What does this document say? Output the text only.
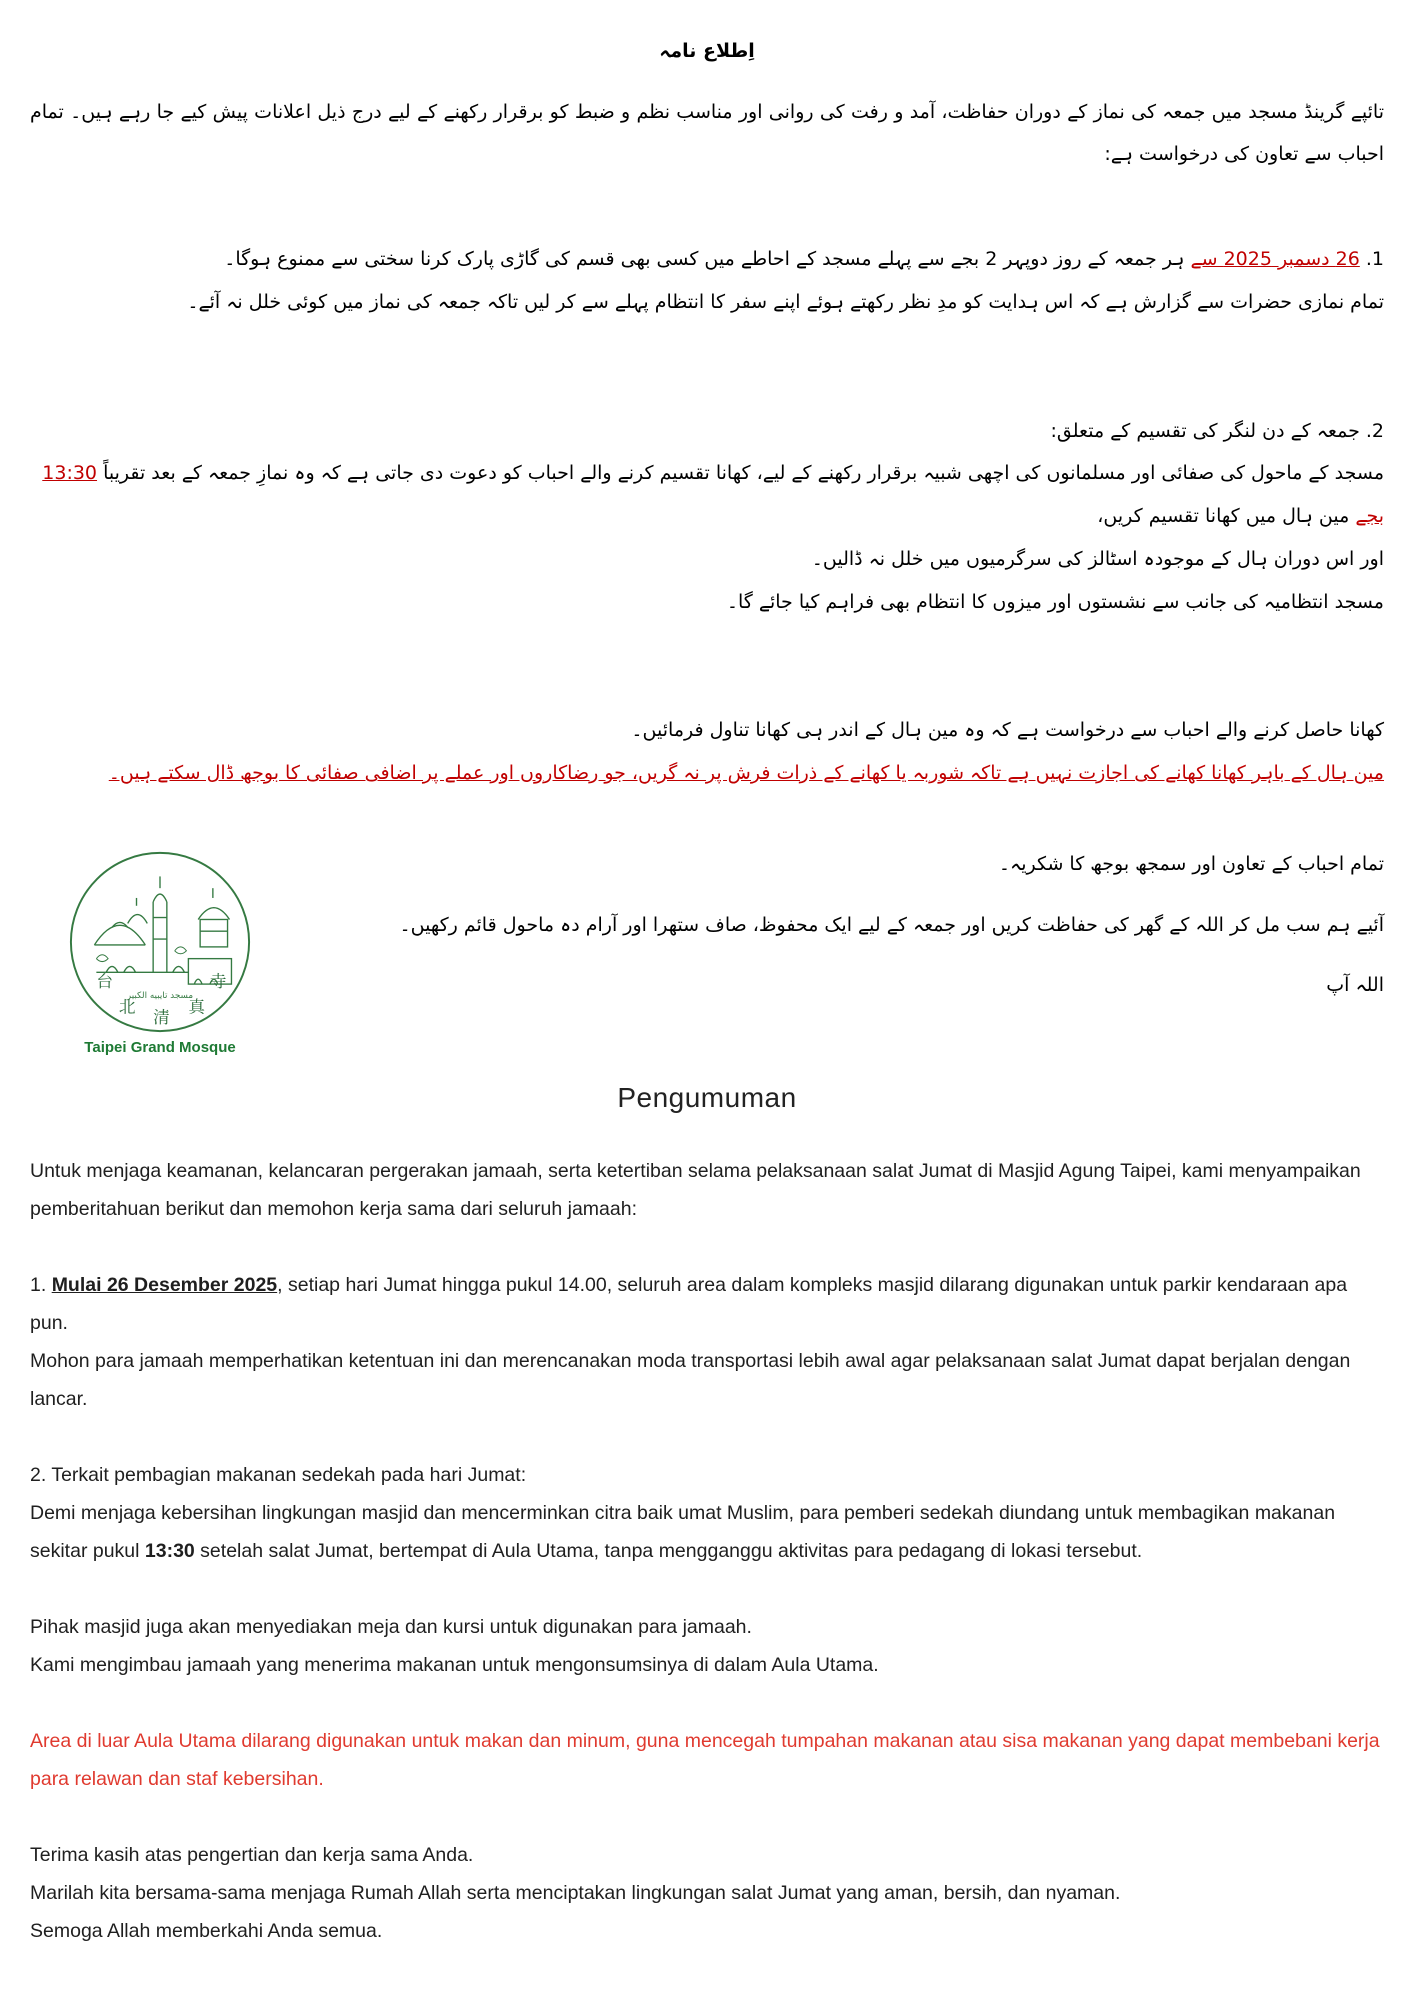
اِطلاع نامہ

تائپے گرینڈ مسجد میں جمعہ کی نماز کے دوران حفاظت، آمد و رفت کی روانی اور مناسب نظم و ضبط کو برقرار رکھنے کے لیے درج ذیل اعلانات پیش کیے جا رہے ہیں۔ تمام احباب سے تعاون کی درخواست ہے:

1. 26 دسمبر 2025 سے ہر جمعہ کے روز دوپہر 2 بجے سے پہلے مسجد کے احاطے میں کسی بھی قسم کی گاڑی پارک کرنا سختی سے ممنوع ہوگا۔

تمام نمازی حضرات سے گزارش ہے کہ اس ہدایت کو مدِ نظر رکھتے ہوئے اپنے سفر کا انتظام پہلے سے کر لیں تاکہ جمعہ کی نماز میں کوئی خلل نہ آئے۔

2. جمعہ کے دن لنگر کی تقسیم کے متعلق:

مسجد کے ماحول کی صفائی اور مسلمانوں کی اچھی شبیہ برقرار رکھنے کے لیے، کھانا تقسیم کرنے والے احباب کو دعوت دی جاتی ہے کہ وہ نمازِ جمعہ کے بعد تقریباً 13:30 بجے مین ہال میں کھانا تقسیم کریں،

اور اس دوران ہال کے موجودہ اسٹالز کی سرگرمیوں میں خلل نہ ڈالیں۔

مسجد انتظامیہ کی جانب سے نشستوں اور میزوں کا انتظام بھی فراہم کیا جائے گا۔

کھانا حاصل کرنے والے احباب سے درخواست ہے کہ وہ مین ہال کے اندر ہی کھانا تناول فرمائیں۔

مین ہال کے باہر کھانا کھانے کی اجازت نہیں ہے تاکہ شوربہ یا کھانے کے ذرات فرش پر نہ گریں، جو رضاکاروں اور عملے پر اضافی صفائی کا بوجھ ڈال سکتے ہیں۔

مسجد تايبيه الكبير
台
北
清
真
寺
Taipei Grand Mosque

تمام احباب کے تعاون اور سمجھ بوجھ کا شکریہ۔

آئیے ہم سب مل کر اللہ کے گھر کی حفاظت کریں اور جمعہ کے لیے ایک محفوظ، صاف ستھرا اور آرام دہ ماحول قائم رکھیں۔

اللہ آپ

Pengumuman

Untuk menjaga keamanan, kelancaran pergerakan jamaah, serta ketertiban selama pelaksanaan salat Jumat di Masjid Agung Taipei, kami menyampaikan pemberitahuan berikut dan memohon kerja sama dari seluruh jamaah:

1. Mulai 26 Desember 2025, setiap hari Jumat hingga pukul 14.00, seluruh area dalam kompleks masjid dilarang digunakan untuk parkir kendaraan apa pun.

Mohon para jamaah memperhatikan ketentuan ini dan merencanakan moda transportasi lebih awal agar pelaksanaan salat Jumat dapat berjalan dengan lancar.

2. Terkait pembagian makanan sedekah pada hari Jumat:

Demi menjaga kebersihan lingkungan masjid dan mencerminkan citra baik umat Muslim, para pemberi sedekah diundang untuk membagikan makanan sekitar pukul 13:30 setelah salat Jumat, bertempat di Aula Utama, tanpa mengganggu aktivitas para pedagang di lokasi tersebut.

Pihak masjid juga akan menyediakan meja dan kursi untuk digunakan para jamaah.

Kami mengimbau jamaah yang menerima makanan untuk mengonsumsinya di dalam Aula Utama.

Area di luar Aula Utama dilarang digunakan untuk makan dan minum, guna mencegah tumpahan makanan atau sisa makanan yang dapat membebani kerja para relawan dan staf kebersihan.

Terima kasih atas pengertian dan kerja sama Anda.

Marilah kita bersama-sama menjaga Rumah Allah serta menciptakan lingkungan salat Jumat yang aman, bersih, dan nyaman.

Semoga Allah memberkahi Anda semua.
